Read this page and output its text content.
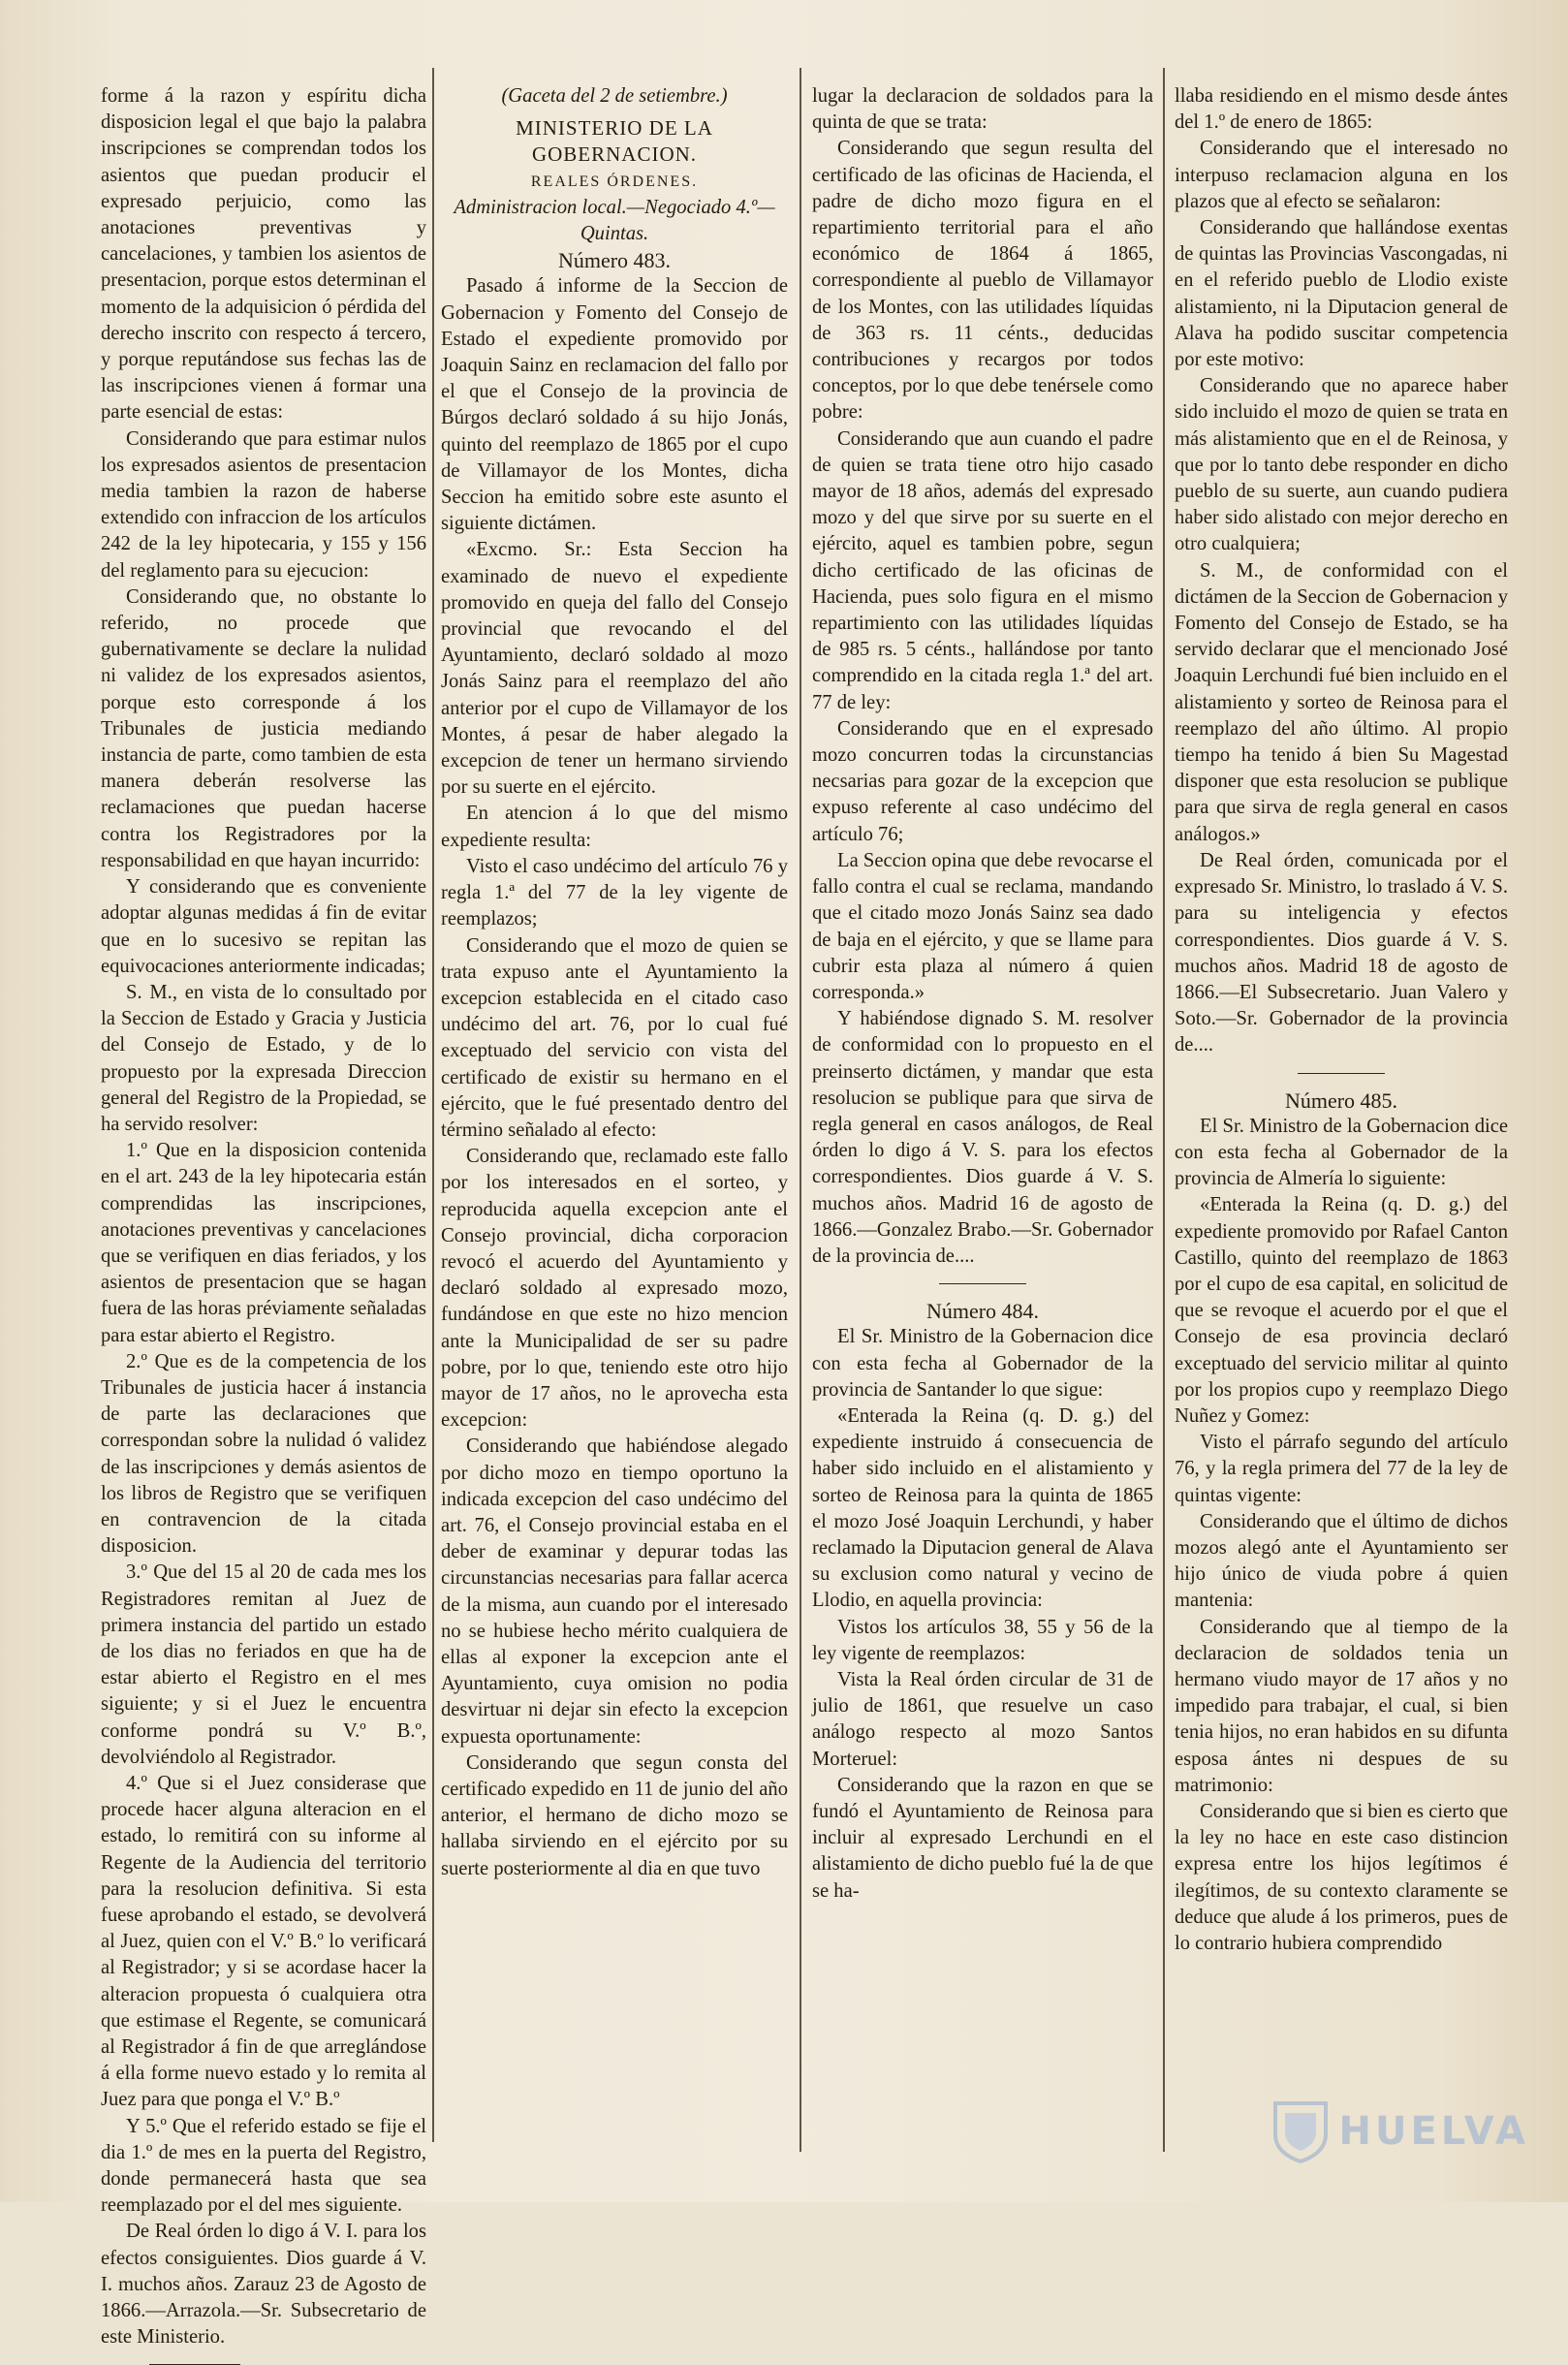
forme á la razon y espíritu dicha disposicion legal el que bajo la palabra inscripciones se comprendan todos los asientos que puedan producir el expresado perjuicio, como las anotaciones preventivas y cancelaciones, y tambien los asientos de presentacion, porque estos determinan el momento de la adquisicion ó pérdida del derecho inscrito con respecto á tercero, y porque reputándose sus fechas las de las inscripciones vienen á formar una parte esencial de estas:

Considerando que para estimar nulos los expresados asientos de presentacion media tambien la razon de haberse extendido con infraccion de los artículos 242 de la ley hipotecaria, y 155 y 156 del reglamento para su ejecucion:

Considerando que, no obstante lo referido, no procede que gubernativamente se declare la nulidad ni validez de los expresados asientos, porque esto corresponde á los Tribunales de justicia mediando instancia de parte, como tambien de esta manera deberán resolverse las reclamaciones que puedan hacerse contra los Registradores por la responsabilidad en que hayan incurrido:

Y considerando que es conveniente adoptar algunas medidas á fin de evitar que en lo sucesivo se repitan las equivocaciones anteriormente indicadas;

S. M., en vista de lo consultado por la Seccion de Estado y Gracia y Justicia del Consejo de Estado, y de lo propuesto por la expresada Direccion general del Registro de la Propiedad, se ha servido resolver:

1.º Que en la disposicion contenida en el art. 243 de la ley hipotecaria están comprendidas las inscripciones, anotaciones preventivas y cancelaciones que se verifiquen en dias feriados, y los asientos de presentacion que se hagan fuera de las horas préviamente señaladas para estar abierto el Registro.

2.º Que es de la competencia de los Tribunales de justicia hacer á instancia de parte las declaraciones que correspondan sobre la nulidad ó validez de las inscripciones y demás asientos de los libros de Registro que se verifiquen en contravencion de la citada disposicion.

3.º Que del 15 al 20 de cada mes los Registradores remitan al Juez de primera instancia del partido un estado de los dias no feriados en que ha de estar abierto el Registro en el mes siguiente; y si el Juez le encuentra conforme pondrá su V.º B.º, devolviéndolo al Registrador.

4.º Que si el Juez considerase que procede hacer alguna alteracion en el estado, lo remitirá con su informe al Regente de la Audiencia del territorio para la resolucion definitiva. Si esta fuese aprobando el estado, se devolverá al Juez, quien con el V.º B.º lo verificará al Registrador; y si se acordase hacer la alteracion propuesta ó cualquiera otra que estimase el Regente, se comunicará al Registrador á fin de que arreglándose á ella forme nuevo estado y lo remita al Juez para que ponga el V.º B.º

Y 5.º Que el referido estado se fije el dia 1.º de mes en la puerta del Registro, donde permanecerá hasta que sea reemplazado por el del mes siguiente.

De Real órden lo digo á V. I. para los efectos consiguientes. Dios guarde á V. I. muchos años. Zarauz 23 de Agosto de 1866.—Arrazola.—Sr. Subsecretario de este Ministerio.

(Gaceta del 2 de setiembre.)

MINISTERIO DE LA GOBERNACION.

REALES ÓRDENES.

Administracion local.—Negociado 4.º—Quintas.

Número 483.

Pasado á informe de la Seccion de Gobernacion y Fomento del Consejo de Estado el expediente promovido por Joaquin Sainz en reclamacion del fallo por el que el Consejo de la provincia de Búrgos declaró soldado á su hijo Jonás, quinto del reemplazo de 1865 por el cupo de Villamayor de los Montes, dicha Seccion ha emitido sobre este asunto el siguiente dictámen.

«Excmo. Sr.: Esta Seccion ha examinado de nuevo el expediente promovido en queja del fallo del Consejo provincial que revocando el del Ayuntamiento, declaró soldado al mozo Jonás Sainz para el reemplazo del año anterior por el cupo de Villamayor de los Montes, á pesar de haber alegado la excepcion de tener un hermano sirviendo por su suerte en el ejército.

En atencion á lo que del mismo expediente resulta:

Visto el caso undécimo del artículo 76 y regla 1.ª del 77 de la ley vigente de reemplazos;

Considerando que el mozo de quien se trata expuso ante el Ayuntamiento la excepcion establecida en el citado caso undécimo del art. 76, por lo cual fué exceptuado del servicio con vista del certificado de existir su hermano en el ejército, que le fué presentado dentro del término señalado al efecto:

Considerando que, reclamado este fallo por los interesados en el sorteo, y reproducida aquella excepcion ante el Consejo provincial, dicha corporacion revocó el acuerdo del Ayuntamiento y declaró soldado al expresado mozo, fundándose en que este no hizo mencion ante la Municipalidad de ser su padre pobre, por lo que, teniendo este otro hijo mayor de 17 años, no le aprovecha esta excepcion:

Considerando que habiéndose alegado por dicho mozo en tiempo oportuno la indicada excepcion del caso undécimo del art. 76, el Consejo provincial estaba en el deber de examinar y depurar todas las circunstancias necesarias para fallar acerca de la misma, aun cuando por el interesado no se hubiese hecho mérito cualquiera de ellas al exponer la excepcion ante el Ayuntamiento, cuya omision no podia desvirtuar ni dejar sin efecto la excepcion expuesta oportunamente:

Considerando que segun consta del certificado expedido en 11 de junio del año anterior, el hermano de dicho mozo se hallaba sirviendo en el ejército por su suerte posteriormente al dia en que tuvo

lugar la declaracion de soldados para la quinta de que se trata:

Considerando que segun resulta del certificado de las oficinas de Hacienda, el padre de dicho mozo figura en el repartimiento territorial para el año económico de 1864 á 1865, correspondiente al pueblo de Villamayor de los Montes, con las utilidades líquidas de 363 rs. 11 cénts., deducidas contribuciones y recargos por todos conceptos, por lo que debe tenérsele como pobre:

Considerando que aun cuando el padre de quien se trata tiene otro hijo casado mayor de 18 años, además del expresado mozo y del que sirve por su suerte en el ejército, aquel es tambien pobre, segun dicho certificado de las oficinas de Hacienda, pues solo figura en el mismo repartimiento con las utilidades líquidas de 985 rs. 5 cénts., hallándose por tanto comprendido en la citada regla 1.ª del art. 77 de ley:

Considerando que en el expresado mozo concurren todas la circunstancias necsarias para gozar de la excepcion que expuso referente al caso undécimo del artículo 76;

La Seccion opina que debe revocarse el fallo contra el cual se reclama, mandando que el citado mozo Jonás Sainz sea dado de baja en el ejército, y que se llame para cubrir esta plaza al número á quien corresponda.»

Y habiéndose dignado S. M. resolver de conformidad con lo propuesto en el preinserto dictámen, y mandar que esta resolucion se publique para que sirva de regla general en casos análogos, de Real órden lo digo á V. S. para los efectos correspondientes. Dios guarde á V. S. muchos años. Madrid 16 de agosto de 1866.—Gonzalez Brabo.—Sr. Gobernador de la provincia de....

Número 484.

El Sr. Ministro de la Gobernacion dice con esta fecha al Gobernador de la provincia de Santander lo que sigue:

«Enterada la Reina (q. D. g.) del expediente instruido á consecuencia de haber sido incluido en el alistamiento y sorteo de Reinosa para la quinta de 1865 el mozo José Joaquin Lerchundi, y haber reclamado la Diputacion general de Alava su exclusion como natural y vecino de Llodio, en aquella provincia:

Vistos los artículos 38, 55 y 56 de la ley vigente de reemplazos:

Vista la Real órden circular de 31 de julio de 1861, que resuelve un caso análogo respecto al mozo Santos Morteruel:

Considerando que la razon en que se fundó el Ayuntamiento de Reinosa para incluir al expresado Lerchundi en el alistamiento de dicho pueblo fué la de que se ha-

llaba residiendo en el mismo desde ántes del 1.º de enero de 1865:

Considerando que el interesado no interpuso reclamacion alguna en los plazos que al efecto se señalaron:

Considerando que hallándose exentas de quintas las Provincias Vascongadas, ni en el referido pueblo de Llodio existe alistamiento, ni la Diputacion general de Alava ha podido suscitar competencia por este motivo:

Considerando que no aparece haber sido incluido el mozo de quien se trata en más alistamiento que en el de Reinosa, y que por lo tanto debe responder en dicho pueblo de su suerte, aun cuando pudiera haber sido alistado con mejor derecho en otro cualquiera;

S. M., de conformidad con el dictámen de la Seccion de Gobernacion y Fomento del Consejo de Estado, se ha servido declarar que el mencionado José Joaquin Lerchundi fué bien incluido en el alistamiento y sorteo de Reinosa para el reemplazo del año último. Al propio tiempo ha tenido á bien Su Magestad disponer que esta resolucion se publique para que sirva de regla general en casos análogos.»

De Real órden, comunicada por el expresado Sr. Ministro, lo traslado á V. S. para su inteligencia y efectos correspondientes. Dios guarde á V. S. muchos años. Madrid 18 de agosto de 1866.—El Subsecretario. Juan Valero y Soto.—Sr. Gobernador de la provincia de....

Número 485.

El Sr. Ministro de la Gobernacion dice con esta fecha al Gobernador de la provincia de Almería lo siguiente:

«Enterada la Reina (q. D. g.) del expediente promovido por Rafael Canton Castillo, quinto del reemplazo de 1863 por el cupo de esa capital, en solicitud de que se revoque el acuerdo por el que el Consejo de esa provincia declaró exceptuado del servicio militar al quinto por los propios cupo y reemplazo Diego Nuñez y Gomez:

Visto el párrafo segundo del artículo 76, y la regla primera del 77 de la ley de quintas vigente:

Considerando que el último de dichos mozos alegó ante el Ayuntamiento ser hijo único de viuda pobre á quien mantenia:

Considerando que al tiempo de la declaracion de soldados tenia un hermano viudo mayor de 17 años y no impedido para trabajar, el cual, si bien tenia hijos, no eran habidos en su difunta esposa ántes ni despues de su matrimonio:

Considerando que si bien es cierto que la ley no hace en este caso distincion expresa entre los hijos legítimos é ilegítimos, de su contexto claramente se deduce que alude á los primeros, pues de lo contrario hubiera comprendido

HUELVA
